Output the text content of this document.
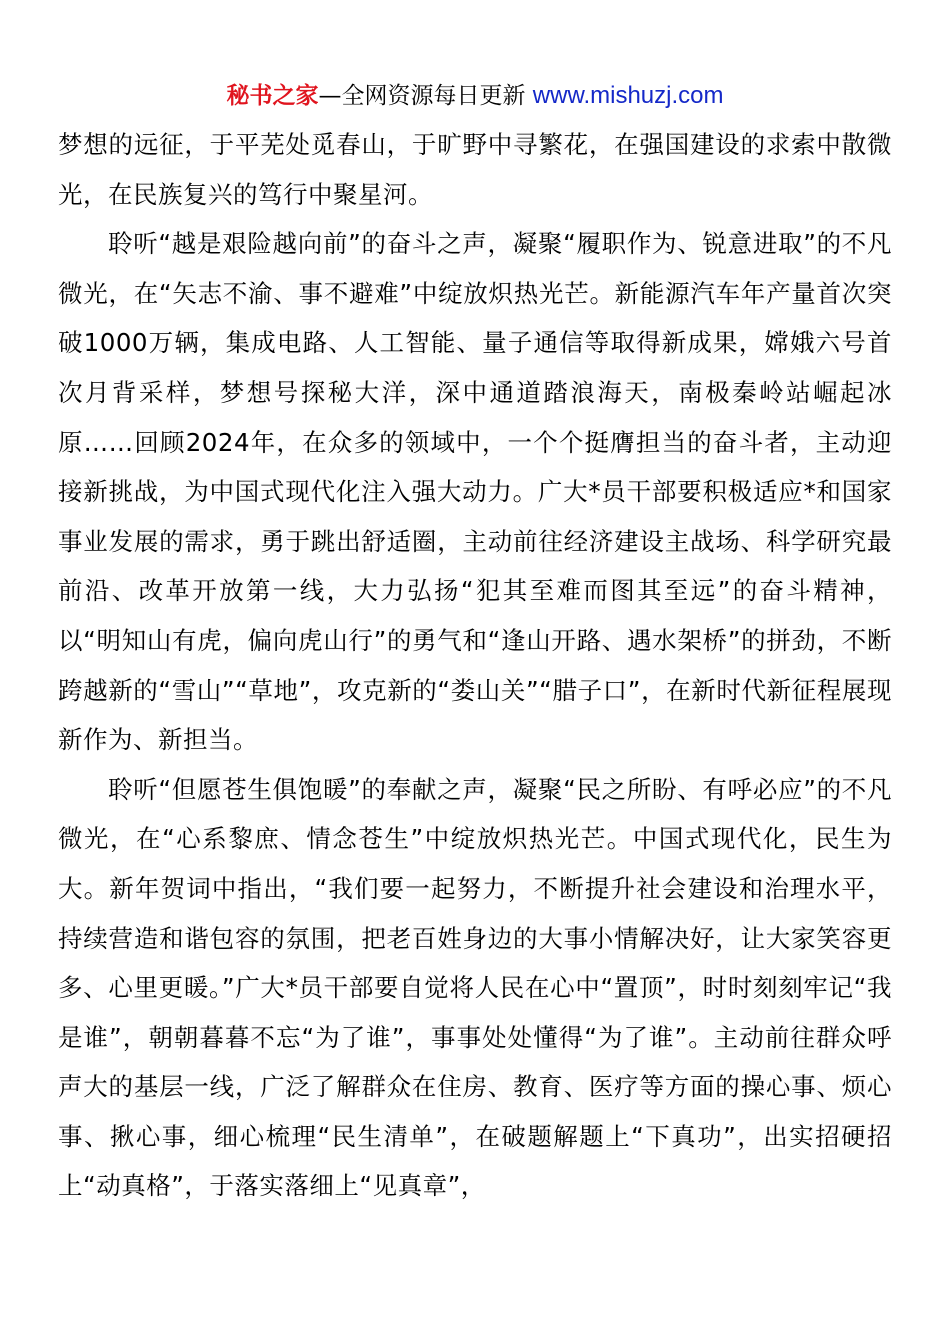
秘书之家—全网资源每日更新 www.mishuzj.com

梦想的远征，于平芜处觅春山，于旷野中寻繁花，在强国建设的求索中散微光，在民族复兴的笃行中聚星河。

聆听“越是艰险越向前”的奋斗之声，凝聚“履职作为、锐意进取”的不凡微光，在“矢志不渝、事不避难”中绽放炽热光芒。新能源汽车年产量首次突破1000万辆，集成电路、人工智能、量子通信等取得新成果，嫦娥六号首次月背采样，梦想号探秘大洋，深中通道踏浪海天，南极秦岭站崛起冰原……回顾2024年，在众多的领域中，一个个挺膺担当的奋斗者，主动迎接新挑战，为中国式现代化注入强大动力。广大*员干部要积极适应*和国家事业发展的需求，勇于跳出舒适圈，主动前往经济建设主战场、科学研究最前沿、改革开放第一线，大力弘扬“犯其至难而图其至远”的奋斗精神，以“明知山有虎，偏向虎山行”的勇气和“逢山开路、遇水架桥”的拼劲，不断跨越新的“雪山”“草地”，攻克新的“娄山关”“腊子口”，在新时代新征程展现新作为、新担当。

聆听“但愿苍生俱饱暖”的奉献之声，凝聚“民之所盼、有呼必应”的不凡微光，在“心系黎庶、情念苍生”中绽放炽热光芒。中国式现代化，民生为大。新年贺词中指出，“我们要一起努力，不断提升社会建设和治理水平，持续营造和谐包容的氛围，把老百姓身边的大事小情解决好，让大家笑容更多、心里更暖。”广大*员干部要自觉将人民在心中“置顶”，时时刻刻牢记“我是谁”，朝朝暮暮不忘“为了谁”，事事处处懂得“为了谁”。主动前往群众呼声大的基层一线，广泛了解群众在住房、教育、医疗等方面的操心事、烦心事、揪心事，细心梳理“民生清单”，在破题解题上“下真功”，出实招硬招上“动真格”，于落实落细上“见真章”，
